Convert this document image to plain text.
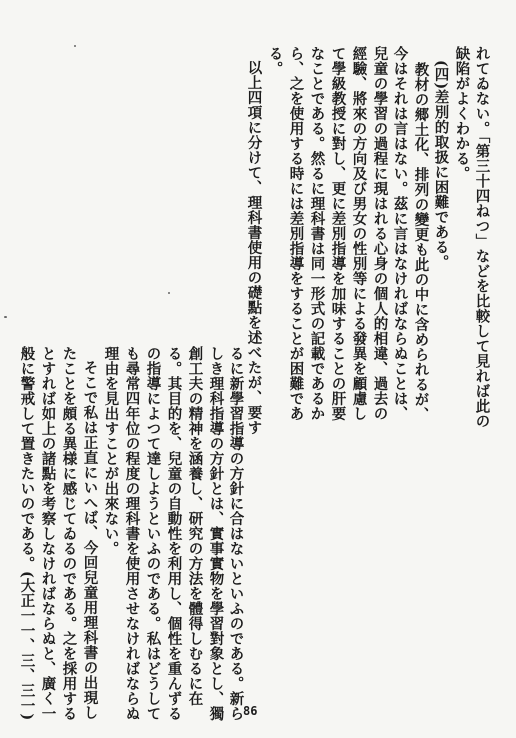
れてゐない。「第三十四ねつ」などを比較して見れば此の
缺陷がよくわかる。
(四)差別的取扱に困難である。
教材の郷土化、排列の變更も此の中に含められるが、
今はそれは言はない。茲に言はなければならぬことは、
兒童の學習の過程に現はれる心身の個人的相違、過去の
經驗、將來の方向及び男女の性別等による發異を顧慮し
て學級教授に對し、更に差別指導を加味することの肝要
なことである。然るに理科書は同一形式の記載であるか
ら、之を使用する時には差別指導をすることが困難であ
る。
以上四項に分けて、理科書使用の礎點を述べたが、要す
るに新學習指導の方針に合はないといふのである。新ら
しき理科指導の方針とは、實事實物を學習對象とし、獨
創工夫の精神を涵養し、研究の方法を體得しむるに在
る。其目的を、兒童の自動性を利用し、個性を重んずる
の指導によつて達しようといふのである。私はどうして
も尋常四年位の程度の理科書を使用させなければならぬ
理由を見出すことが出來ない。
そこで私は正直にいへば、今回兒童用理科書の出現し
たことを頗る異様に感じてゐるのである。之を採用する
とすれば如上の諸點を考察しなければならぬと、廣く一
般に警戒して置きたいのである。(大正一一、三、三一)	86
